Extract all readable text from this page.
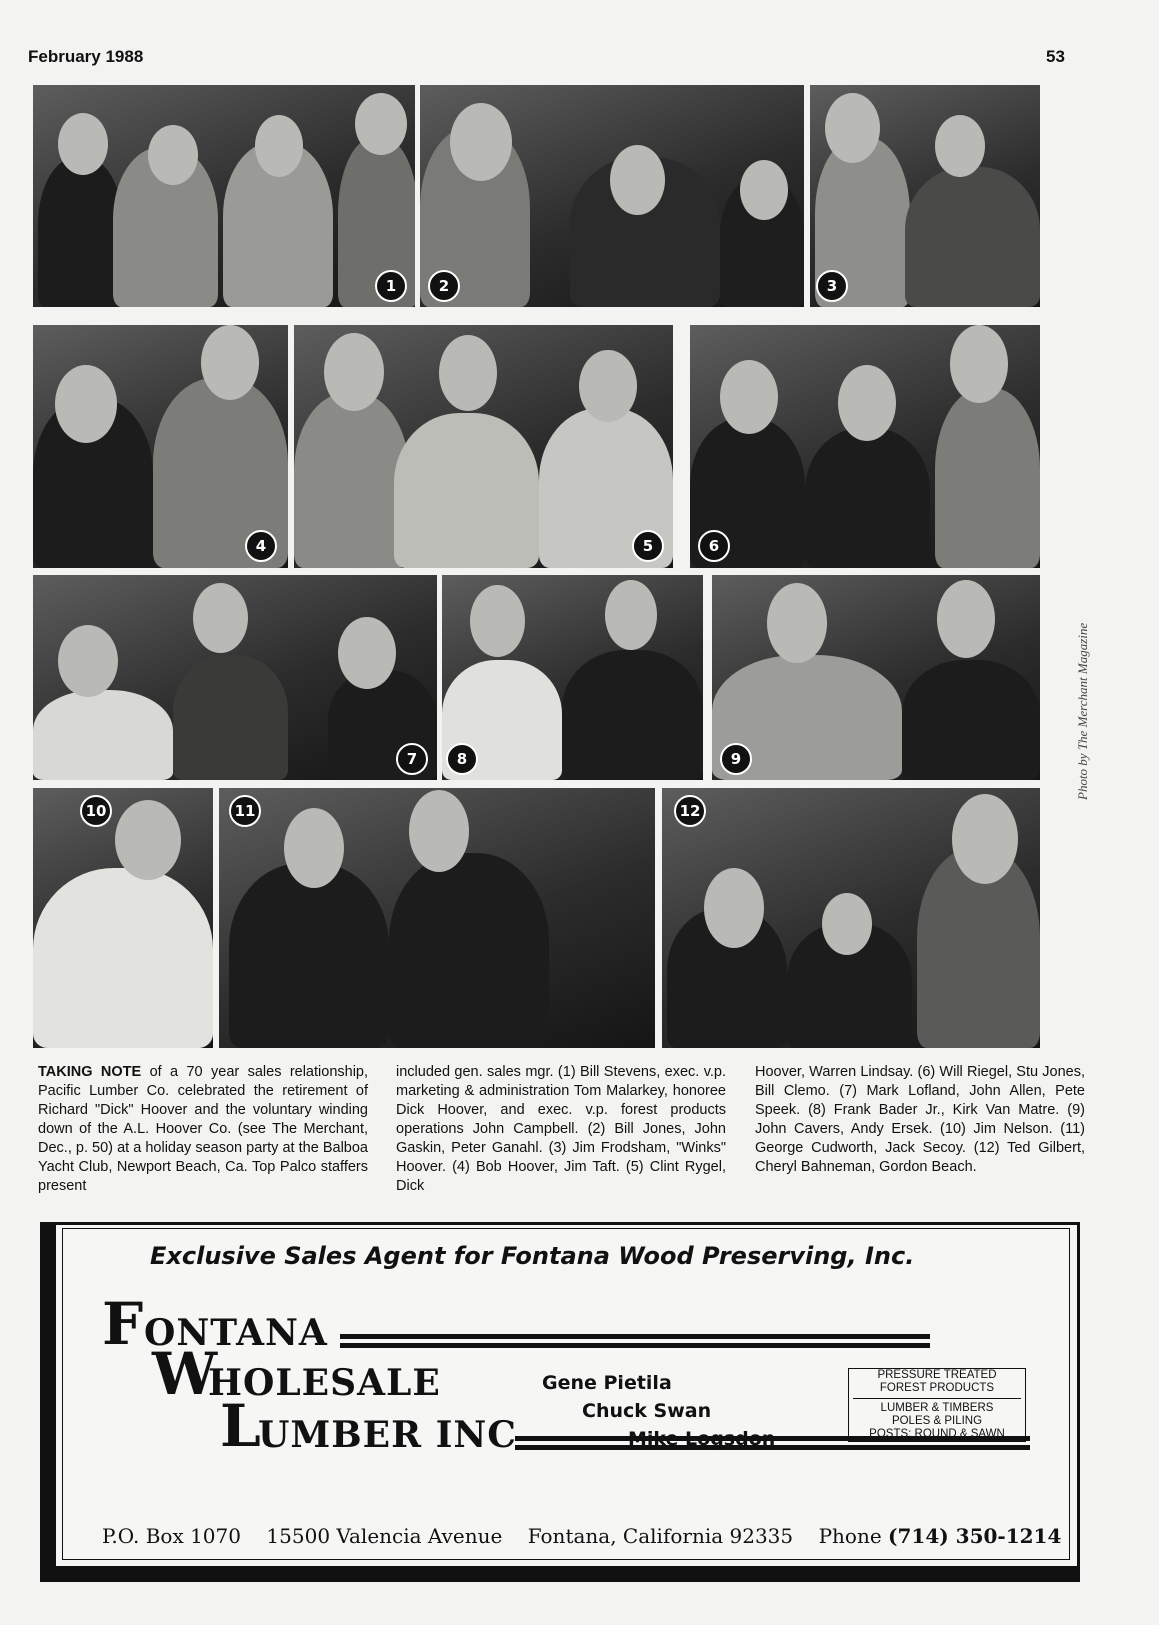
February 1988	53
1	2	3
4	5	6
7	8	9
10	11	12
Photo by The Merchant Magazine
TAKING NOTE of a 70 year sales relationship, Pacific Lumber Co. celebrated the retirement of Richard "Dick" Hoover and the voluntary winding down of the A.L. Hoover Co. (see The Merchant, Dec., p. 50) at a holiday season party at the Balboa Yacht Club, Newport Beach, Ca. Top Palco staffers present
included gen. sales mgr. (1) Bill Stevens, exec. v.p. marketing & administration Tom Malarkey, honoree Dick Hoover, and exec. v.p. forest products operations John Campbell. (2) Bill Jones, John Gaskin, Peter Ganahl. (3) Jim Frodsham, "Winks" Hoover. (4) Bob Hoover, Jim Taft. (5) Clint Rygel, Dick
Hoover, Warren Lindsay. (6) Will Riegel, Stu Jones, Bill Clemo. (7) Mark Lofland, John Allen, Pete Speek. (8) Frank Bader Jr., Kirk Van Matre. (9) John Cavers, Andy Ersek. (10) Jim Nelson. (11) George Cudworth, Jack Secoy. (12) Ted Gilbert, Cheryl Bahneman, Gordon Beach.
Exclusive Sales Agent for Fontana Wood Preserving, Inc.
F ONTANA
W
HOLESALE
L
UMBER INC
Gene Pietila
Chuck Swan
Mike Logsdon
PRESSURE TREATED
FOREST PRODUCTS
LUMBER & TIMBERS
POLES & PILING
POSTS: ROUND & SAWN
P.O. Box 1070 15500 Valencia Avenue Fontana, California 92335 Phone (714) 350-1214
